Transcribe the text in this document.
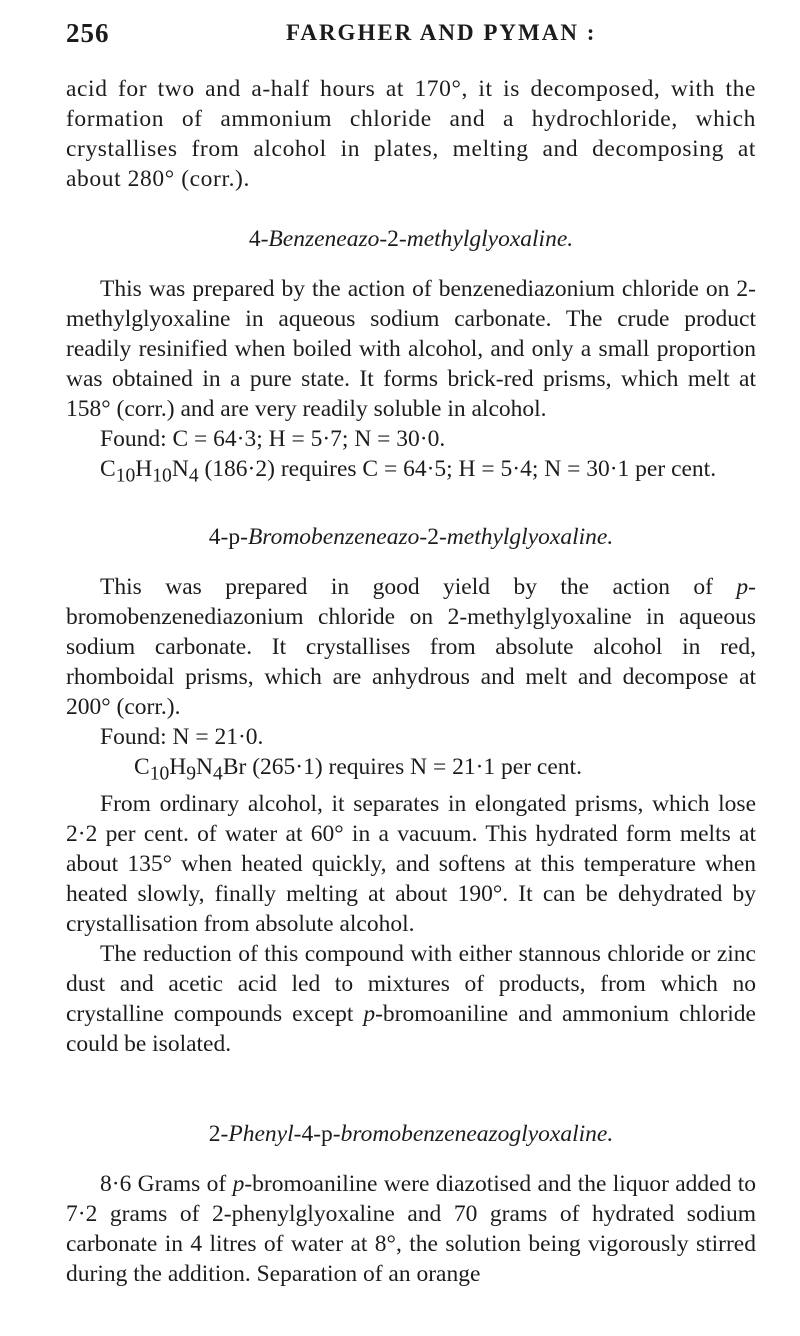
256	FARGHER AND PYMAN :

acid for two and a-half hours at 170°, it is decomposed, with the formation of ammonium chloride and a hydrochloride, which crystallises from alcohol in plates, melting and decomposing at about 280° (corr.).

4-Benzeneazo-2-methylglyoxaline.

This was prepared by the action of benzenediazonium chloride on 2-methylglyoxaline in aqueous sodium carbonate. The crude product readily resinified when boiled with alcohol, and only a small proportion was obtained in a pure state. It forms brick-red prisms, which melt at 158° (corr.) and are very readily soluble in alcohol.

Found: C = 64·3; H = 5·7; N = 30·0.

$C_{10}H_{10}N_4$ (186·2) requires C = 64·5; H = 5·4; N = 30·1 per cent.

4-p-Bromobenzeneazo-2-methylglyoxaline.

This was prepared in good yield by the action of p-bromobenzenediazonium chloride on 2-methylglyoxaline in aqueous sodium carbonate. It crystallises from absolute alcohol in red, rhomboidal prisms, which are anhydrous and melt and decompose at 200° (corr.).

Found: N = 21·0.

$C_{10}H_9N_4Br$ (265·1) requires N = 21·1 per cent.

From ordinary alcohol, it separates in elongated prisms, which lose 2·2 per cent. of water at 60° in a vacuum. This hydrated form melts at about 135° when heated quickly, and softens at this temperature when heated slowly, finally melting at about 190°. It can be dehydrated by crystallisation from absolute alcohol.

The reduction of this compound with either stannous chloride or zinc dust and acetic acid led to mixtures of products, from which no crystalline compounds except p-bromoaniline and ammonium chloride could be isolated.

2-Phenyl-4-p-bromobenzeneazoglyoxaline.

8·6 Grams of p-bromoaniline were diazotised and the liquor added to 7·2 grams of 2-phenylglyoxaline and 70 grams of hydrated sodium carbonate in 4 litres of water at 8°, the solution being vigorously stirred during the addition. Separation of an orange
